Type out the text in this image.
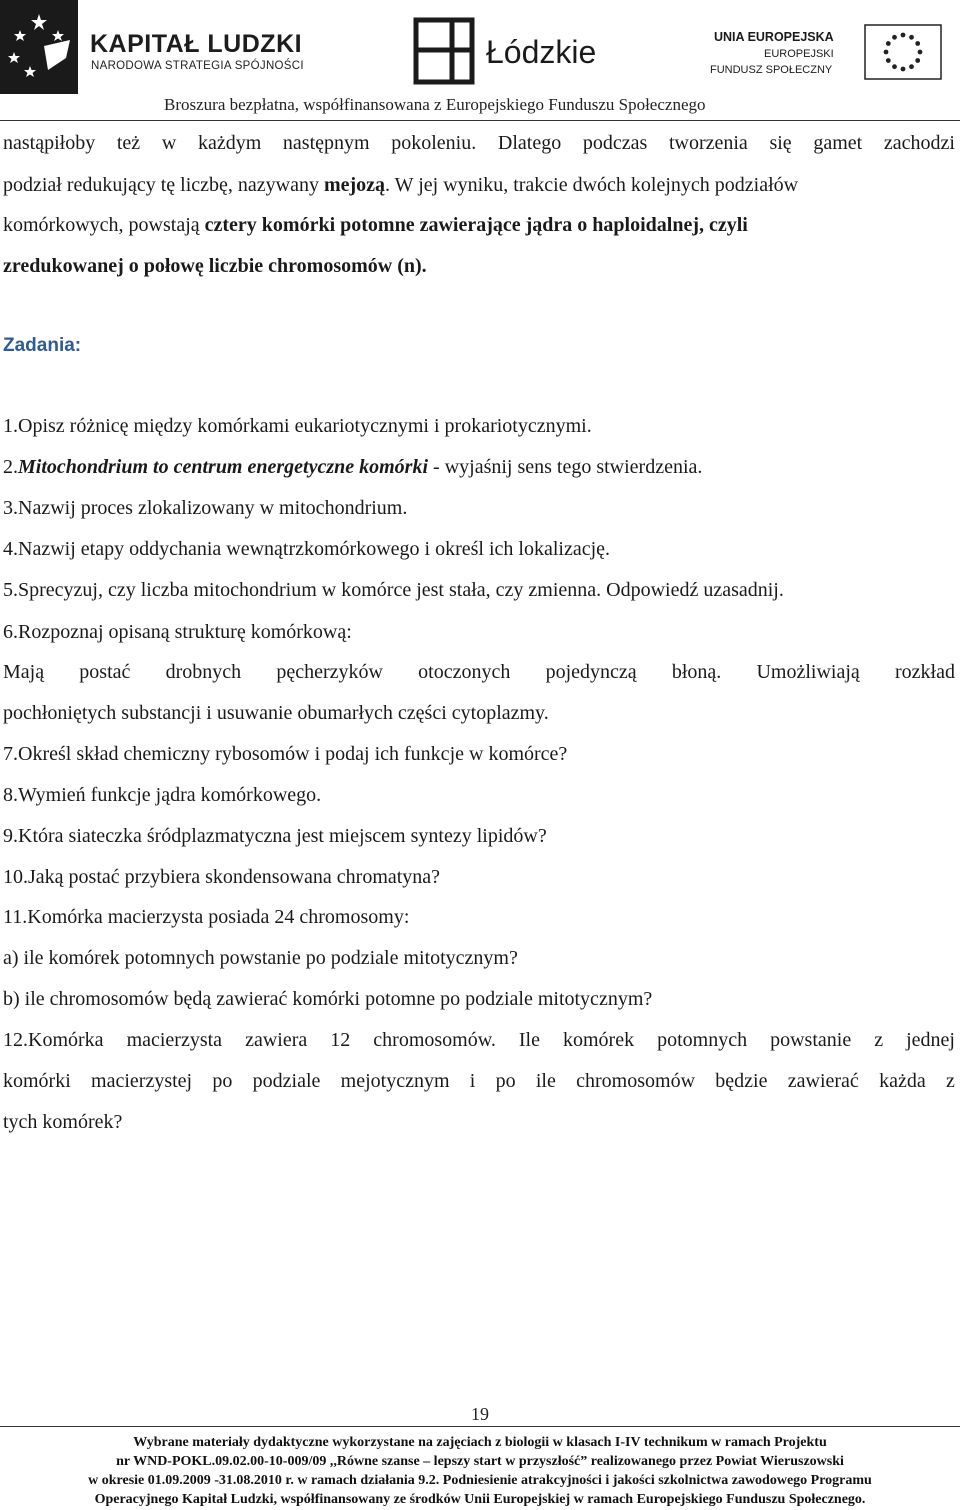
KAPITAŁ LUDZKI
NARODOWA STRATEGIA SPÓJNOŚCI	Łódzkie	UNIA EUROPEJSKA
EUROPEJSKI
FUNDUSZ SPOŁECZNY
Broszura bezpłatna, współfinansowana z Europejskiego Funduszu Społecznego
nastąpiłoby też w każdym następnym pokoleniu. Dlatego podczas tworzenia się gamet zachodzi
podział redukujący tę liczbę, nazywany mejozą. W jej wyniku, trakcie dwóch kolejnych podziałów
komórkowych, powstają cztery komórki potomne zawierające jądra o haploidalnej, czyli
zredukowanej o połowę liczbie chromosomów (n).
Zadania:
1.Opisz różnicę między komórkami eukariotycznymi i prokariotycznymi.
2.Mitochondrium to centrum energetyczne komórki - wyjaśnij sens tego stwierdzenia.
3.Nazwij proces zlokalizowany w mitochondrium.
4.Nazwij etapy oddychania wewnątrzkomórkowego i określ ich lokalizację.
5.Sprecyzuj, czy liczba mitochondrium w komórce jest stała, czy zmienna. Odpowiedź uzasadnij.
6.Rozpoznaj opisaną strukturę komórkową:
Mają postać drobnych pęcherzyków otoczonych pojedynczą błoną. Umożliwiają rozkład
pochłoniętych substancji i usuwanie obumarłych części cytoplazmy.
7.Określ skład chemiczny rybosomów i podaj ich funkcje w komórce?
8.Wymień funkcje jądra komórkowego.
9.Która siateczka śródplazmatyczna jest miejscem syntezy lipidów?
10.Jaką postać przybiera skondensowana chromatyna?
11.Komórka macierzysta posiada 24 chromosomy:
a) ile komórek potomnych powstanie po podziale mitotycznym?
b) ile chromosomów będą zawierać komórki potomne po podziale mitotycznym?
12.Komórka macierzysta zawiera 12 chromosomów. Ile komórek potomnych powstanie z jednej
komórki macierzystej po podziale mejotycznym i po ile chromosomów będzie zawierać każda z
tych komórek?
19
Wybrane materiały dydaktyczne wykorzystane na zajęciach z biologii w klasach I-IV technikum w ramach Projektu
nr WND-POKL.09.02.00-10-009/09 ,,Równe szanse – lepszy start w przyszłość” realizowanego przez Powiat Wieruszowski
w okresie 01.09.2009 -31.08.2010 r. w ramach działania 9.2. Podniesienie atrakcyjności i jakości szkolnictwa zawodowego Programu
Operacyjnego Kapitał Ludzki, współfinansowany ze środków Unii Europejskiej w ramach Europejskiego Funduszu Społecznego.
